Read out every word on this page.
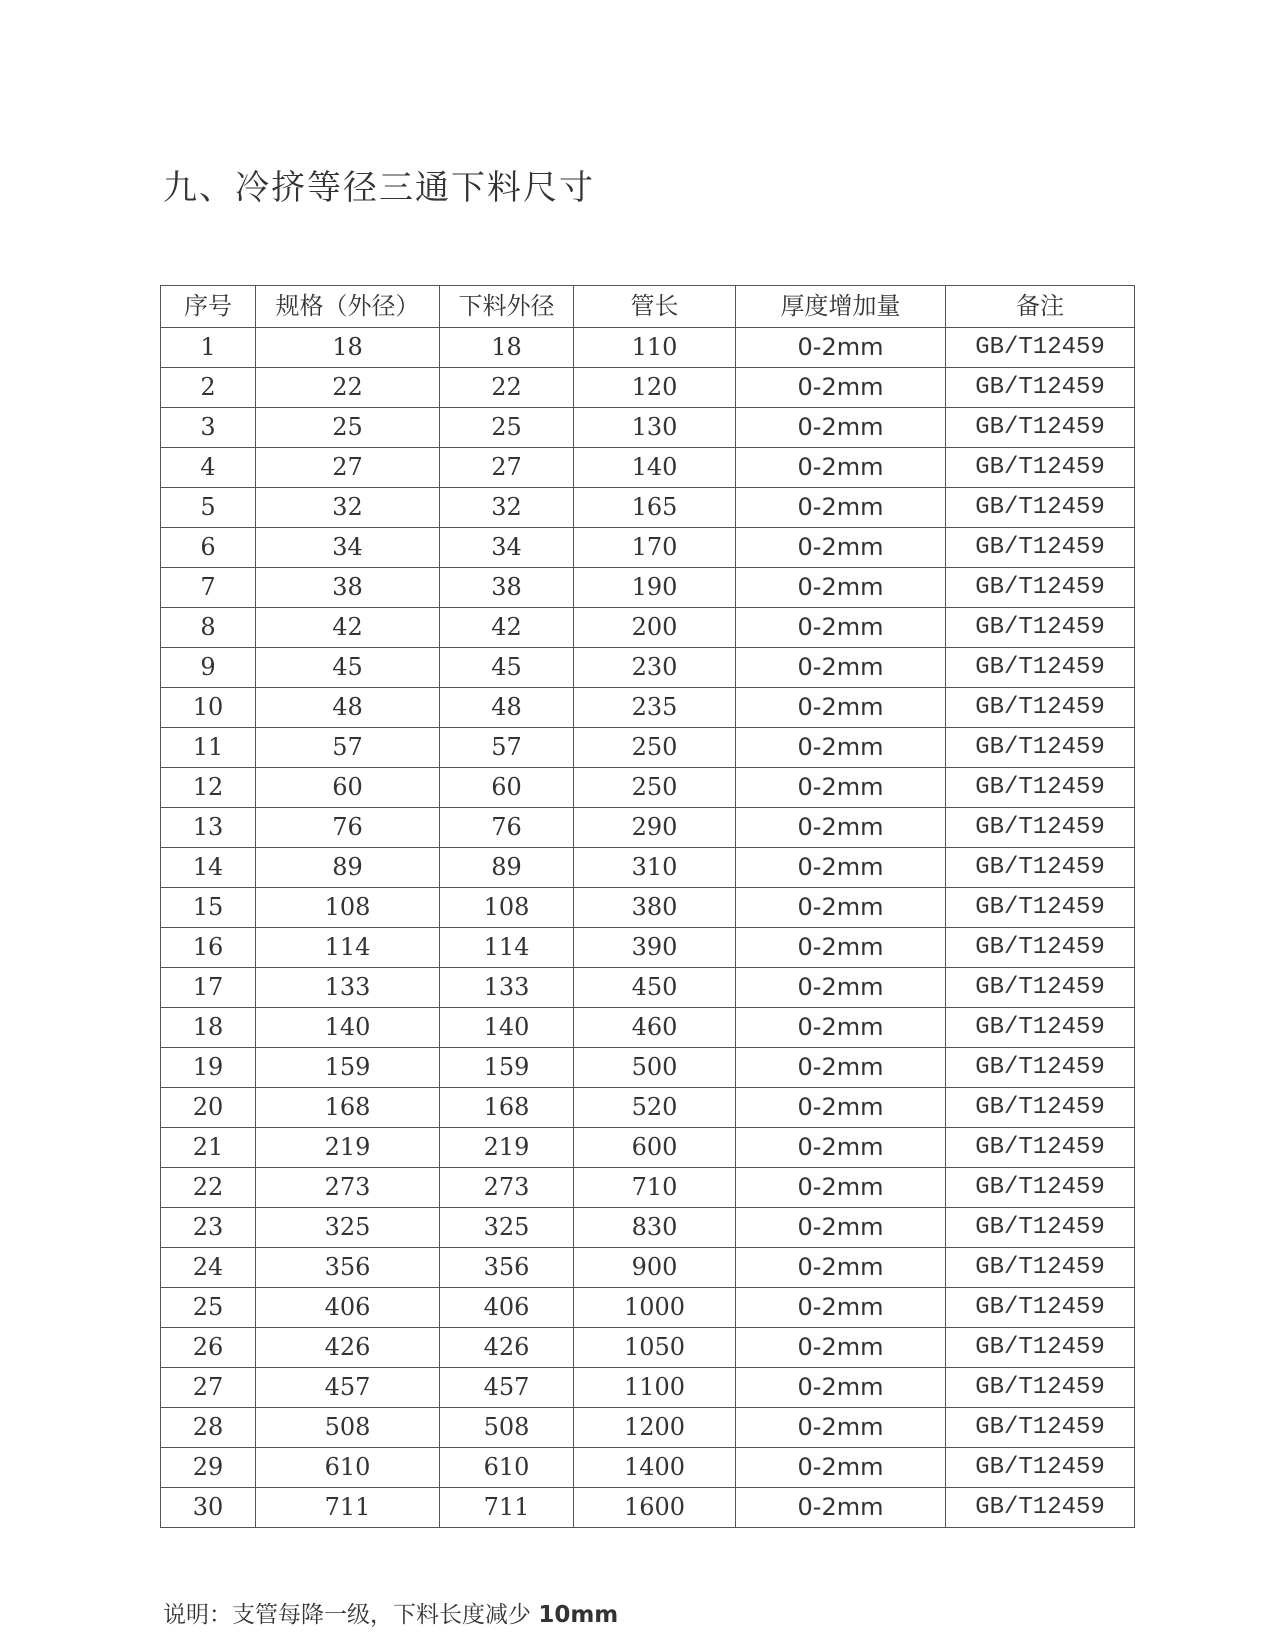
九、冷挤等径三通下料尺寸
序号	规格（外径）	下料外径	管长	厚度增加量	备注
1	18	18	110	0-2mm	GB/T12459
2	22	22	120	0-2mm	GB/T12459
3	25	25	130	0-2mm	GB/T12459
4	27	27	140	0-2mm	GB/T12459
5	32	32	165	0-2mm	GB/T12459
6	34	34	170	0-2mm	GB/T12459
7	38	38	190	0-2mm	GB/T12459
8	42	42	200	0-2mm	GB/T12459
9	45	45	230	0-2mm	GB/T12459
10	48	48	235	0-2mm	GB/T12459
11	57	57	250	0-2mm	GB/T12459
12	60	60	250	0-2mm	GB/T12459
13	76	76	290	0-2mm	GB/T12459
14	89	89	310	0-2mm	GB/T12459
15	108	108	380	0-2mm	GB/T12459
16	114	114	390	0-2mm	GB/T12459
17	133	133	450	0-2mm	GB/T12459
18	140	140	460	0-2mm	GB/T12459
19	159	159	500	0-2mm	GB/T12459
20	168	168	520	0-2mm	GB/T12459
21	219	219	600	0-2mm	GB/T12459
22	273	273	710	0-2mm	GB/T12459
23	325	325	830	0-2mm	GB/T12459
24	356	356	900	0-2mm	GB/T12459
25	406	406	1000	0-2mm	GB/T12459
26	426	426	1050	0-2mm	GB/T12459
27	457	457	1100	0-2mm	GB/T12459
28	508	508	1200	0-2mm	GB/T12459
29	610	610	1400	0-2mm	GB/T12459
30	711	711	1600	0-2mm	GB/T12459
说明：支管每降一级，下料长度减少 10mm
